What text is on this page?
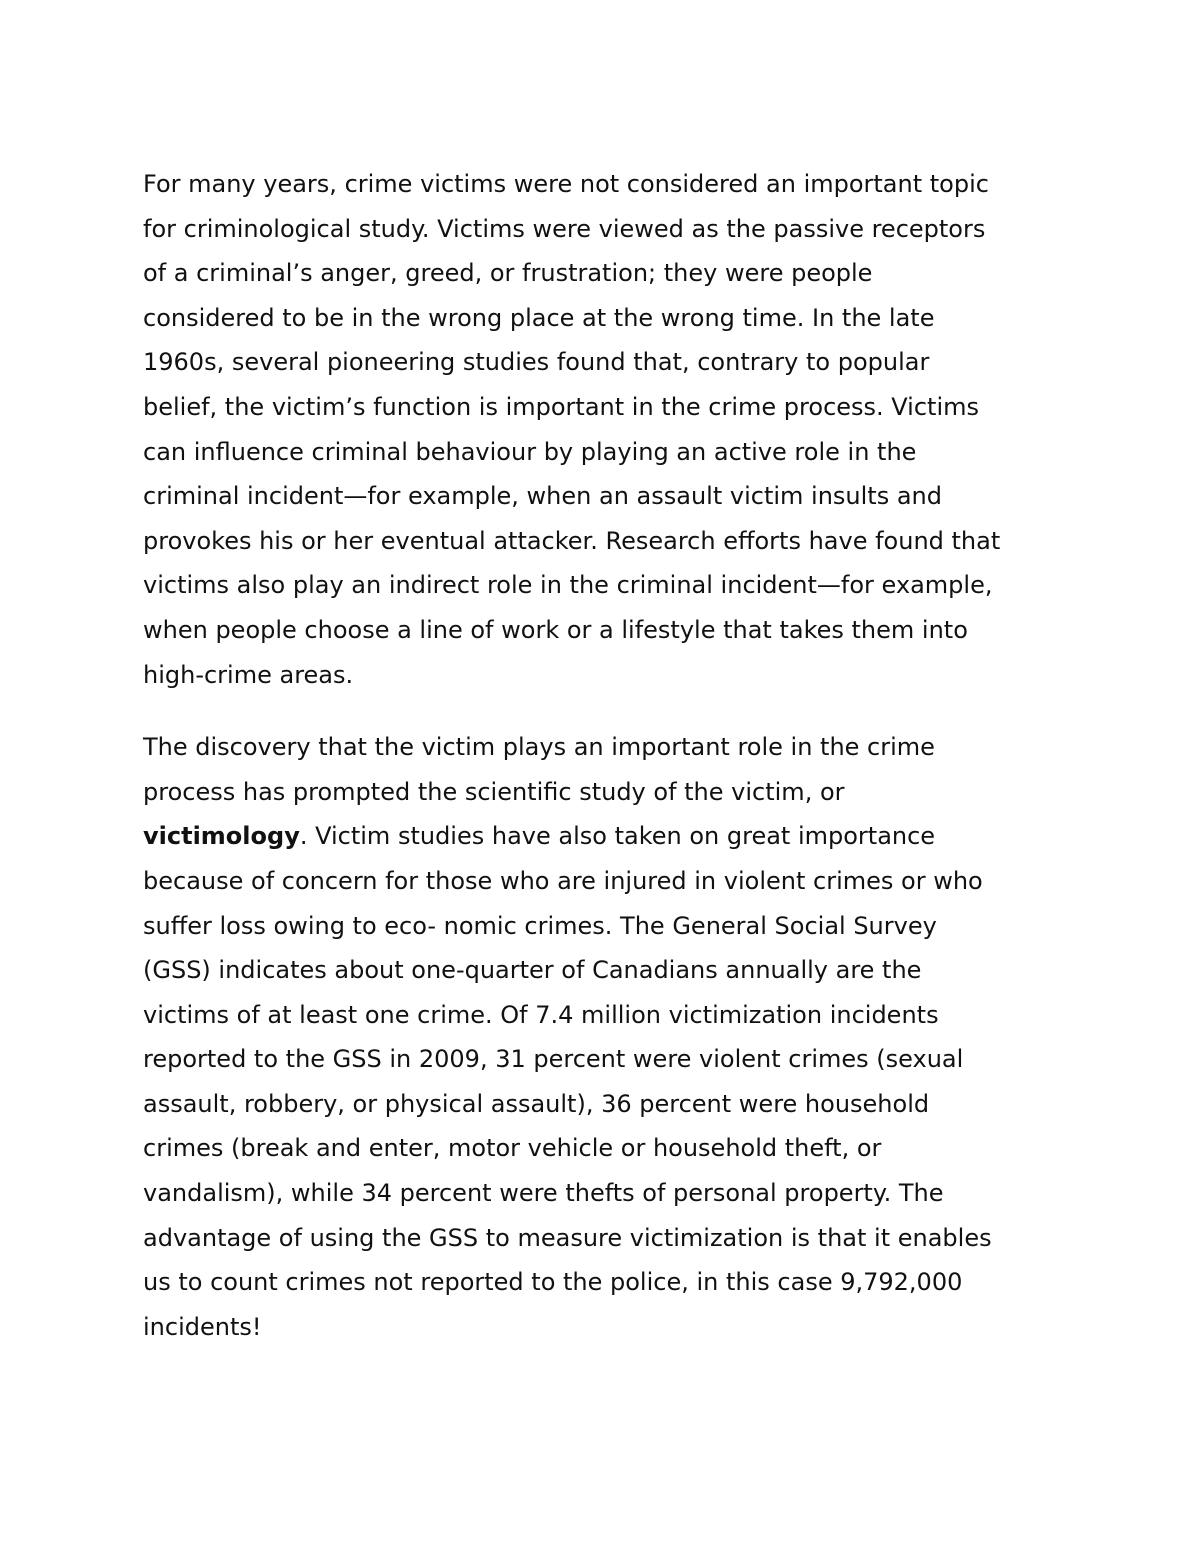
For many years, crime victims were not considered an important topic
for criminological study. Victims were viewed as the passive receptors
of a criminal’s anger, greed, or frustration; they were people
considered to be in the wrong place at the wrong time. In the late
1960s, several pioneering studies found that, contrary to popular
belief, the victim’s function is important in the crime process. Victims
can influence criminal behaviour by playing an active role in the
criminal incident—for example, when an assault victim insults and
provokes his or her eventual attacker. Research efforts have found that
victims also play an indirect role in the criminal incident—for example,
when people choose a line of work or a lifestyle that takes them into
high-crime areas.

The discovery that the victim plays an important role in the crime
process has prompted the scientific study of the victim, or
victimology. Victim studies have also taken on great importance
because of concern for those who are injured in violent crimes or who
suffer loss owing to eco- nomic crimes. The General Social Survey
(GSS) indicates about one-quarter of Canadians annually are the
victims of at least one crime. Of 7.4 million victimization incidents
reported to the GSS in 2009, 31 percent were violent crimes (sexual
assault, robbery, or physical assault), 36 percent were household
crimes (break and enter, motor vehicle or household theft, or
vandalism), while 34 percent were thefts of personal property. The
advantage of using the GSS to measure victimization is that it enables
us to count crimes not reported to the police, in this case 9,792,000
incidents!
